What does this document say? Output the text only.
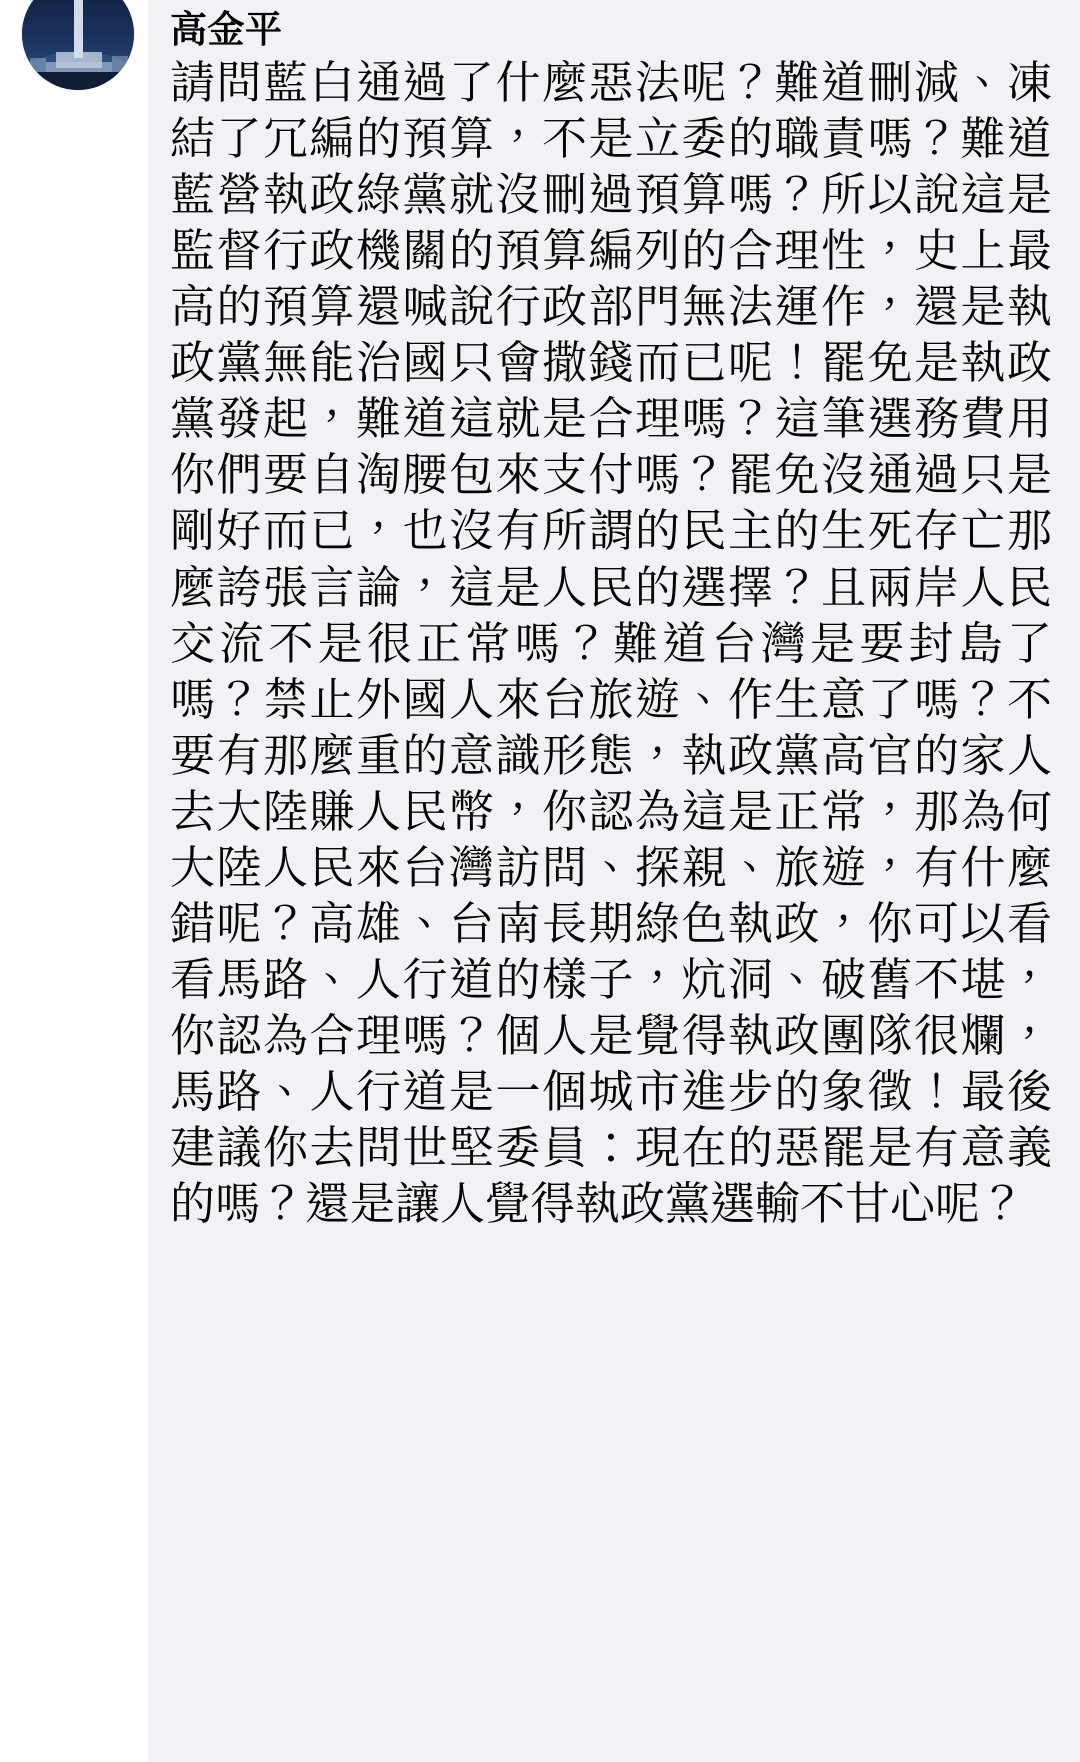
高金平
請問藍白通過了什麼惡法呢？難道刪減、凍結了冗編的預算，不是立委的職責嗎？難道藍營執政綠黨就沒刪過預算嗎？所以說這是監督行政機關的預算編列的合理性，史上最高的預算還喊說行政部門無法運作，還是執政黨無能治國只會撒錢而已呢！罷免是執政黨發起，難道這就是合理嗎？這筆選務費用你們要自淘腰包來支付嗎？罷免沒通過只是剛好而已，也沒有所謂的民主的生死存亡那麼誇張言論，這是人民的選擇？且兩岸人民交流不是很正常嗎？難道台灣是要封島了嗎？禁止外國人來台旅遊、作生意了嗎？不要有那麼重的意識形態，執政黨高官的家人去大陸賺人民幣，你認為這是正常，那為何大陸人民來台灣訪問、探親、旅遊，有什麼錯呢？高雄、台南長期綠色執政，你可以看看馬路、人行道的樣子，炕洞、破舊不堪，你認為合理嗎？個人是覺得執政團隊很爛，馬路、人行道是一個城市進步的象徵！最後建議你去問世堅委員：現在的惡罷是有意義的嗎？還是讓人覺得執政黨選輸不甘心呢？
